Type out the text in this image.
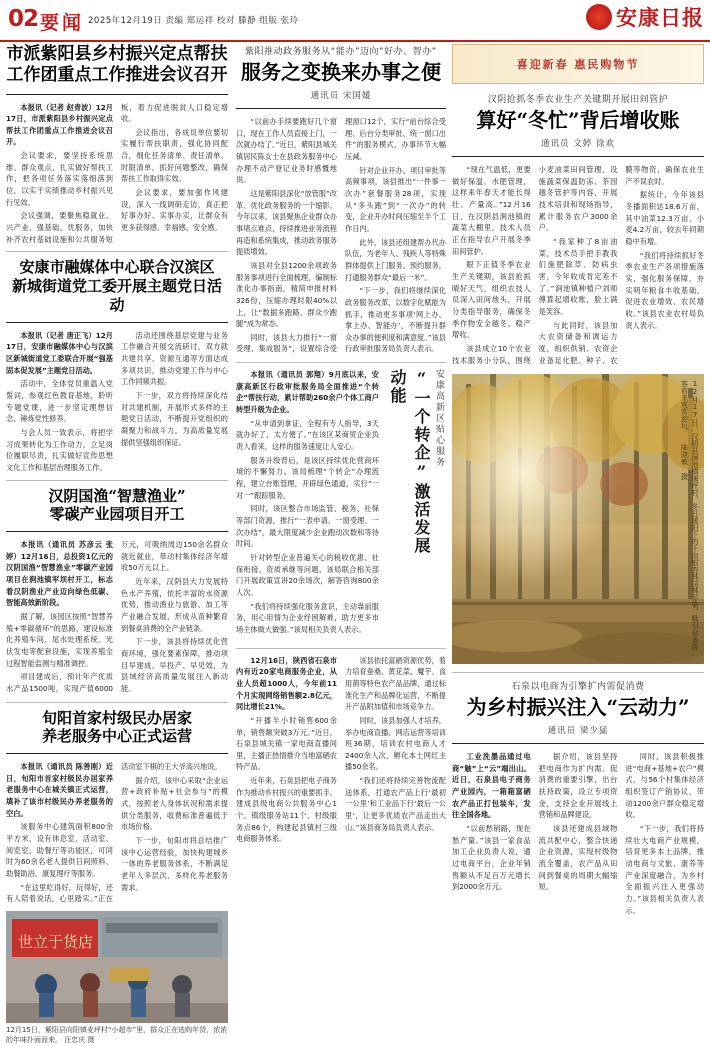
02 要闻 2025年12月19日 责编 郑运祥 校对 滕静 组版 张玲	安康日报
市派紫阳县乡村振兴定点帮扶
工作团重点工作推进会议召开

本报讯（记者 赵青波）12月17日，市派紫阳县乡村振兴定点帮扶工作团重点工作推进会议召开。

会议要求，要坚持系统思维、群众观点，扎实做好帮扶工作，把各项任务落实落细落到位，以实干实绩推动乡村振兴见行见效。

会议强调，要聚焦稳就业、兴产业、强基础、优服务，加快补齐农村基础设施和公共服务短板，着力促进脱贫人口稳定增收。

会议指出，各成员单位要切实履行帮扶职责，强化协同配合，细化任务清单、责任清单、时限清单，抓好问题整改，确保帮扶工作取得实效。

会议要求，要加强作风建设，深入一线调研走访，真正把好事办好、实事办实，让群众有更多获得感、幸福感、安全感。

安康市融媒体中心联合汉滨区
新城街道党工委开展主题党日活动

本报讯（记者 唐正飞）12月17日，安康市融媒体中心与汉滨区新城街道党工委联合开展“强基固本促发展”主题党日活动。

活动中，全体党员重温入党誓词，参观红色教育基地，聆听专题党课，进一步坚定理想信念、锤炼党性修养。

与会人员一致表示，将把学习成果转化为工作动力，立足岗位履职尽责，扎实做好宣传思想文化工作和基层治理服务工作。

活动还围绕基层党建与业务工作融合开展交流研讨，双方就共建共享、资源互通等方面达成多项共识，推动党建工作与中心工作同频共振。

下一步，双方将持续深化结对共建机制，开展形式多样的主题党日活动，不断提升党组织的凝聚力和战斗力，为高质量发展提供坚强组织保证。

汉阴国渔“智慧渔业”
零碳产业园项目开工

本报讯（通讯员 苏彦云 张婷）12月16日，总投资1亿元的汉阴国渔“智慧渔业”零碳产业园项目在涧池镇军坝村开工，标志着汉阴渔业产业迈向绿色低碳、智能高效新阶段。

据了解，该园区按照“智慧养殖+零碳循环”的思路，建设标准化养殖车间、尾水处理系统、光伏发电等配套设施，实现养殖全过程智能监测与精准调控。

项目建成后，预计年产优质水产品1500吨，实现产值6000万元，可吸纳周边150余名群众就近就业，带动村集体经济年增收50万元以上。

近年来，汉阴县大力发展特色水产养殖，依托丰富的水资源优势，推动渔业与旅游、加工等产业融合发展，形成从苗种繁育到餐桌消费的全产业链条。

下一步，该县将持续优化营商环境，强化要素保障，推动项目早建成、早投产、早见效，为县域经济高质量发展注入新动能。

旬阳首家村级民办居家
养老服务中心正式运营

本报讯（通讯员 陈善刚）近日，旬阳市首家村级民办居家养老服务中心在城关镇正式运营，填补了该市村级民办养老服务的空白。

该服务中心建筑面积800余平方米，设有休息室、活动室、阅览室、助餐厅等功能区，可同时为60余名老人提供日间照料、助餐助浴、康复理疗等服务。

“在这里吃得好、玩得好，还有人陪着说话，心里踏实。”正在活动室下棋的王大爷高兴地说。

据介绍，该中心采取“企业运营+政府补贴+社会参与”的模式，按照老人身体状况和需求提供分类服务，收费标准普遍低于市场价格。

下一步，旬阳市将总结推广该中心运营经验，加快构建城乡一体的养老服务体系，不断满足老年人多层次、多样化养老服务需求。

世立于货店
12月15日，紫阳县向阳镇麦坪村“小超市”里，群众正在选购年货，浓浓的年味扑面而来。 汪忠庆 摄
紫阳推动政务服务从“能办”迈向“好办、智办”
服务之变换来办事之便
通讯员 宋国媛

“以前办手续要跑好几个窗口，现在工作人员直接上门，一次就办结了。”近日，紫阳县城关镇居民陈女士在县政务服务中心办理不动产登记业务时感慨地说。

这是紫阳县深化“放管服”改革、优化政务服务的一个缩影。今年以来，该县聚焦企业群众办事堵点难点，持续推进业务流程再造和系统集成，推动政务服务提质增效。

该县对全县1200余项政务服务事项进行全面梳理，编制标准化办事指南，精简申报材料326份，压缩办理时限40%以上，让“数据多跑路、群众少跑腿”成为常态。

同时，该县大力推行“一窗受理、集成服务”，设置综合受理窗口12个，实行“前台综合受理、后台分类审批、统一窗口出件”的服务模式，办事环节大幅压减。

针对企业开办、项目审批等高频事项，该县推出“一件事一次办”套餐服务28项，实现从“多头跑”到“一次办”的转变，企业开办时间压缩至半个工作日内。

此外，该县还组建帮办代办队伍，为老年人、残疾人等特殊群体提供上门服务、预约服务，打通服务群众“最后一米”。

“下一步，我们将继续深化政务服务改革，以数字化赋能为抓手，推动更多事项‘网上办、掌上办、智能办’，不断提升群众办事的便利度和满意度。”该县行政审批服务局负责人表示。

本报讯（通讯员 郭翔）9月底以来，安康高新区行政审批服务局全面推进“个转企”帮扶行动，累计帮助260余户个体工商户转型升级为企业。

“从申请到拿证，全程有专人指导，3天就办好了，太方便了。”在该区某商贸企业负责人看来，这样的服务速度让人安心。

服务升级背后，是该区持续优化营商环境的不懈努力。该局梳理“个转企”办理流程，建立台账管理，开辟绿色通道，实行“一对一”跟踪服务。

同时，该区整合市场监管、税务、社保等部门资源，推行“一表申请、一窗受理、一次办结”，最大限度减少企业跑动次数和等待时间。

针对转型企业普遍关心的税收优惠、社保衔接、资质承继等问题，该局联合相关部门开展政策宣讲20余场次，解答咨询800余人次。

“我们将持续强化服务意识，主动靠前服务，用心用情为企业纾困解难，助力更多市场主体做大做强。”该局相关负责人表示。

“一个转企”激活发展动能	安康高新区贴心服务

12月16日，陕西省石泉市内有近20家电商服务企业，从业人员超1000人，今年前11个月实现网络销售额2.8亿元，同比增长21%。

“开播半小时销售600余单，销售额突破3万元。”近日，石泉县城关镇一家电商直播间里，主播正热情推介当地富硒农特产品。

近年来，石泉县把电子商务作为推动乡村振兴的重要抓手，建成县级电商公共服务中心1个、镇级服务站11个、村级服务点86个，构建起县镇村三级电商服务体系。

该县依托富硒资源优势，着力培育蚕桑、黄花菜、魔芋、食用菌等特色农产品品牌，通过标准化生产和品牌化运营，不断提升产品附加值和市场竞争力。

同时，该县加强人才培养，举办电商直播、网店运营等培训班36期，培训农村电商人才2400余人次，孵化本土网红主播50余名。

“我们还将持续完善物流配送体系，打通农产品上行‘最初一公里’和工业品下行‘最后一公里’，让更多优质农产品走出大山。”该县商务局负责人表示。

喜迎新春 惠民购物节
汉阴抢抓冬季农业生产关键期开展田间管护
算好“冬忙”背后增收账
通讯员 文婷 徐欢

“现在气温低，更要做好保温、水肥管理，这样来年春天才能长得壮、产量高。”12月16日，在汉阴县涧池镇的蔬菜大棚里，技术人员正在指导农户开展冬季田间管护。

眼下正值冬季农业生产关键期，该县抢抓晴好天气，组织农技人员深入田间地头，开展分类指导服务，确保冬季作物安全越冬、稳产增收。

该县成立10个农业技术服务小分队，围绕小麦油菜田间管理、设施蔬菜保温防冻、茶园越冬管护等内容，开展技术培训和现场指导，累计服务农户3000余户。

“我家种了8亩油菜，技术员手把手教我们施肥除草、防病虫害，今年收成肯定差不了。”涧池镇种植户刘师傅算起增收账，脸上满是笑容。

与此同时，该县加大农资储备和调运力度，组织供销、农资企业备足化肥、种子、农膜等物资，确保农业生产不误农时。

据统计，今年该县冬播面积达18.6万亩，其中油菜12.3万亩、小麦4.2万亩，较去年同期稳中有增。

“我们将持续抓好冬季农业生产各项措施落实，强化服务保障，夯实明年粮食丰收基础，促进农业增效、农民增收。”该县农业农村局负责人表示。

12月17日，汉阴县涧池镇堰坪村，冬日暖阳下的千亩银杏林层林尽染，吸引众多游客前来观赏游玩。 陈晓敏 摄
石泉以电商为引擎扩内需促消费
为乡村振兴注入“云动力”
通讯员 梁少猛

工业洗墨品通过电商“触”上“云”端出山。近日，石泉县电子商务产业园内，一箱箱富硒农产品正打包装车，发往全国各地。

“以前愁销路，现在愁产量。”该县一家食品加工企业负责人说，通过电商平台，企业年销售额从不足百万元增长到2000余万元。

据介绍，该县坚持把电商作为扩内需、促消费的重要引擎，出台扶持政策，设立专项资金，支持企业开展线上营销和品牌建设。

该县还建成县域物流共配中心，整合快递企业资源，实现村级物流全覆盖，农产品从田间到餐桌的周期大幅缩短。

同时，该县积极推进“电商+基地+农户”模式，与56个村集体经济组织签订产销协议，带动1200余户群众稳定增收。

“下一步，我们将持续壮大电商产业规模，培育更多本土品牌，推动电商与文旅、康养等产业深度融合，为乡村全面振兴注入更强动力。”该县相关负责人表示。
